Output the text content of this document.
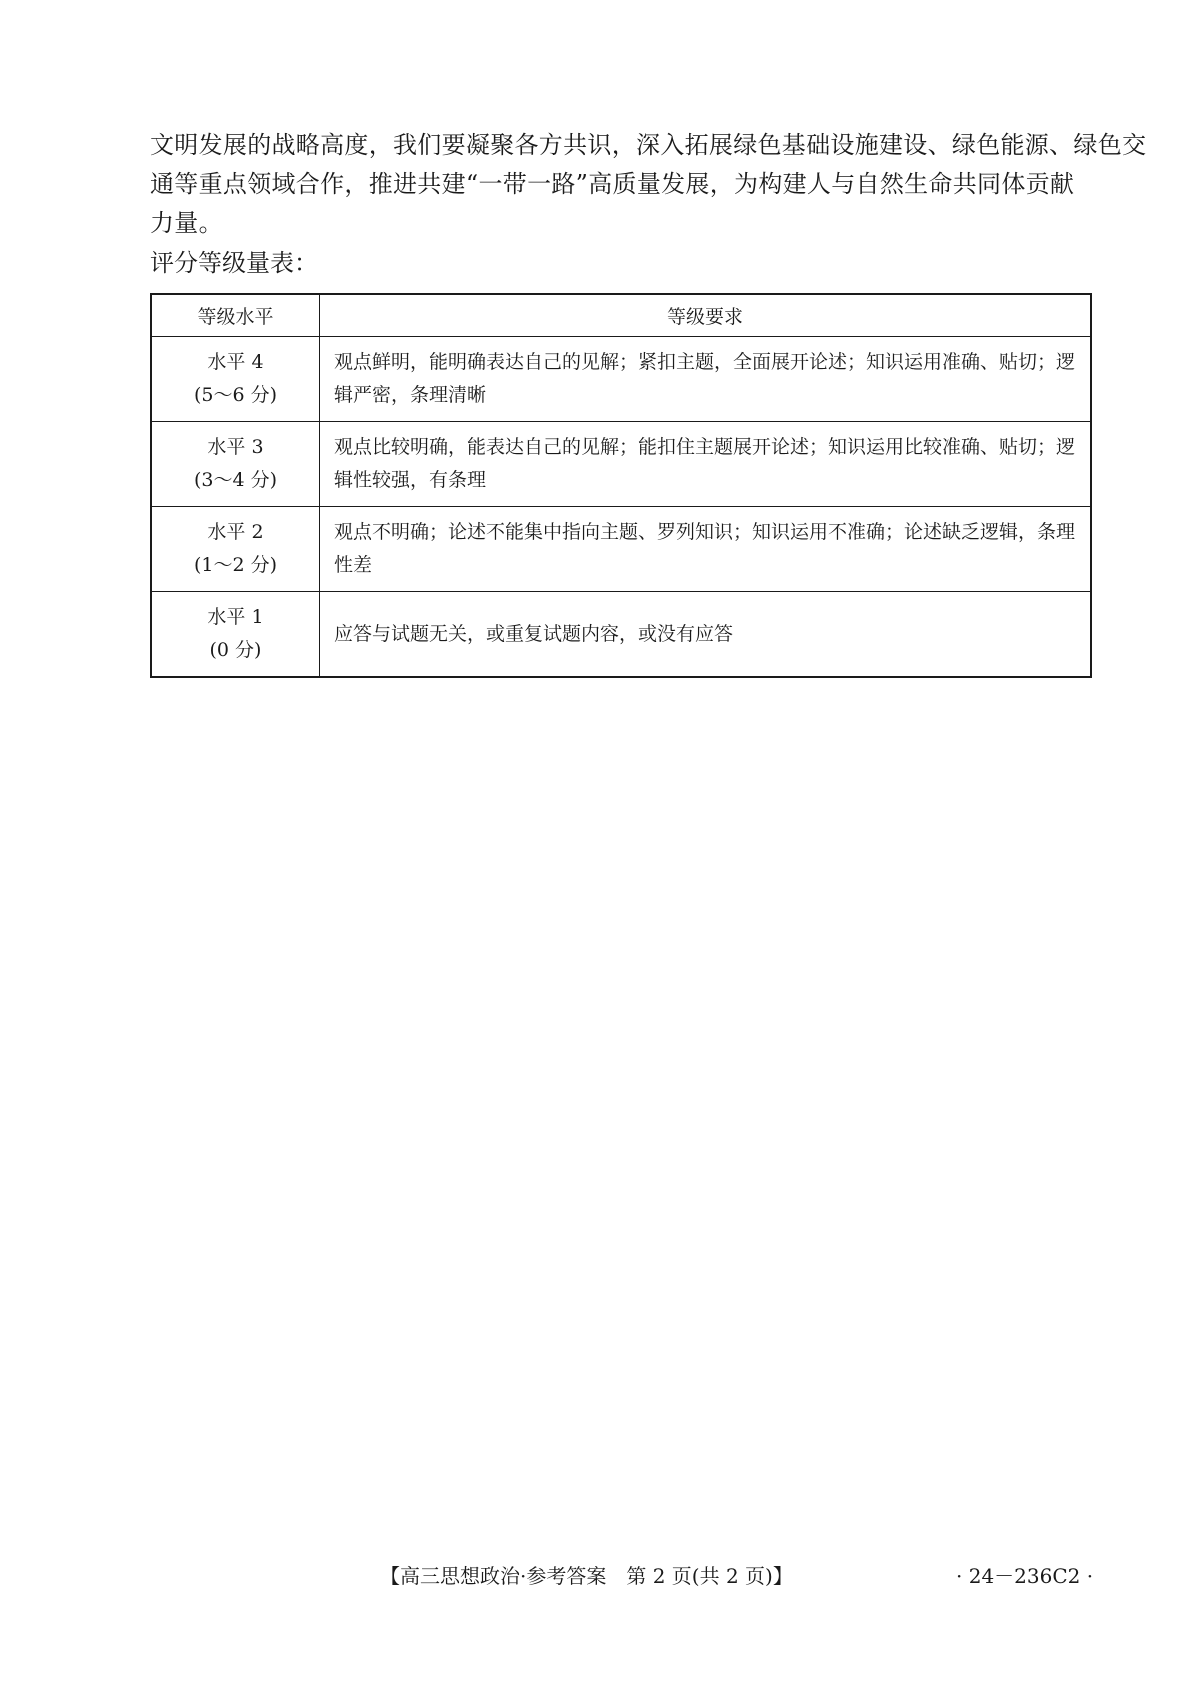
文明发展的战略高度，我们要凝聚各方共识，深入拓展绿色基础设施建设、绿色能源、绿色交
通等重点领域合作，推进共建“一带一路”高质量发展，为构建人与自然生命共同体贡献
力量。

评分等级量表：

等级水平	等级要求

水平 4
(5～6 分)	观点鲜明，能明确表达自己的见解；紧扣主题，全面展开论述；知识运用准确、贴切；逻辑严密，条理清晰

水平 3
(3～4 分)	观点比较明确，能表达自己的见解；能扣住主题展开论述；知识运用比较准确、贴切；逻辑性较强，有条理

水平 2
(1～2 分)	观点不明确；论述不能集中指向主题、罗列知识；知识运用不准确；论述缺乏逻辑，条理性差

水平 1
(0 分)	应答与试题无关，或重复试题内容，或没有应答
【高三思想政治·参考答案　第 2 页(共 2 页)】	· 24－236C2 ·
